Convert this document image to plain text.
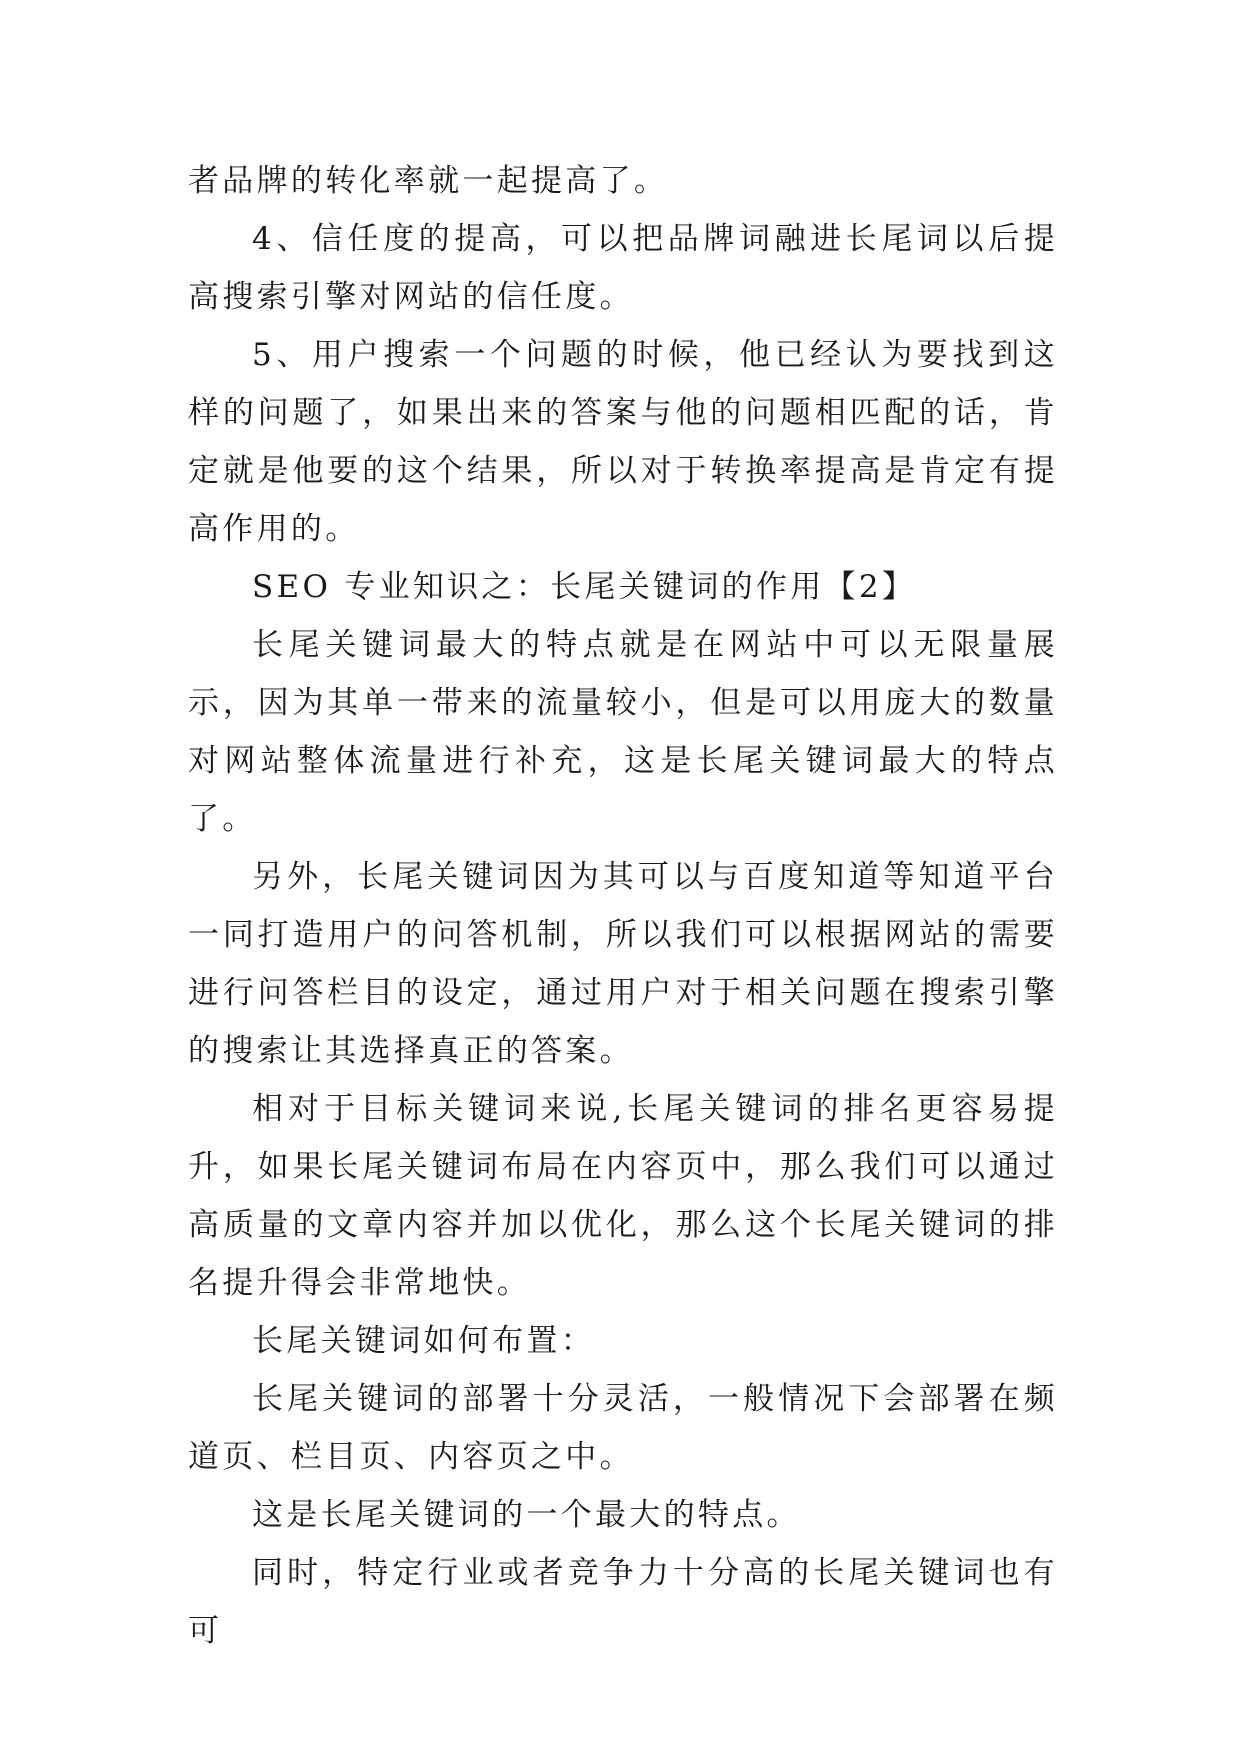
者品牌的转化率就一起提高了。

4、信任度的提高，可以把品牌词融进长尾词以后提高搜索引擎对网站的信任度。

5、用户搜索一个问题的时候，他已经认为要找到这样的问题了，如果出来的答案与他的问题相匹配的话，肯定就是他要的这个结果，所以对于转换率提高是肯定有提高作用的。

SEO 专业知识之：长尾关键词的作用【2】

长尾关键词最大的特点就是在网站中可以无限量展示，因为其单一带来的流量较小，但是可以用庞大的数量对网站整体流量进行补充，这是长尾关键词最大的特点了。

另外，长尾关键词因为其可以与百度知道等知道平台一同打造用户的问答机制，所以我们可以根据网站的需要进行问答栏目的设定，通过用户对于相关问题在搜索引擎的搜索让其选择真正的答案。

相对于目标关键词来说,长尾关键词的排名更容易提升，如果长尾关键词布局在内容页中，那么我们可以通过高质量的文章内容并加以优化，那么这个长尾关键词的排名提升得会非常地快。

长尾关键词如何布置：

长尾关键词的部署十分灵活，一般情况下会部署在频道页、栏目页、内容页之中。

这是长尾关键词的一个最大的特点。

同时，特定行业或者竞争力十分高的长尾关键词也有可
